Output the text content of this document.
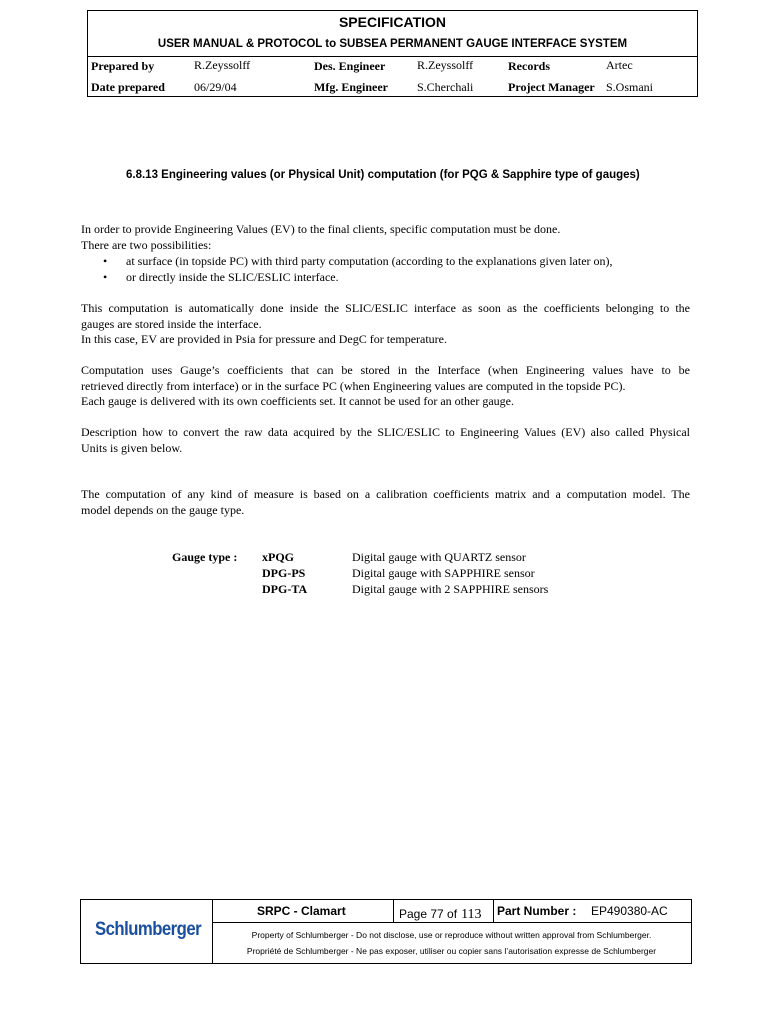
SPECIFICATION
USER MANUAL & PROTOCOL to SUBSEA PERMANENT GAUGE INTERFACE SYSTEM
Prepared by	R.Zeyssolff	Des. Engineer	R.Zeyssolff	Records	Artec
Date prepared 06/29/04	Mfg. Engineer S.Cherchali	Project Manager S.Osmani
6.8.13 Engineering values (or Physical Unit) computation (for PQG & Sapphire type of gauges)
In order to provide Engineering Values (EV) to the final clients, specific computation must be done.
There are two possibilities:
• at surface (in topside PC) with third party computation (according to the explanations given later on),
• or directly inside the SLIC/ESLIC interface.
This computation is automatically done inside the SLIC/ESLIC interface as soon as the coefficients belonging to the
gauges are stored inside the interface.
In this case, EV are provided in Psia for pressure and DegC for temperature.
Computation uses Gauge’s coefficients that can be stored in the Interface (when Engineering values have to be
retrieved directly from interface) or in the surface PC (when Engineering values are computed in the topside PC).
Each gauge is delivered with its own coefficients set. It cannot be used for an other gauge.
Description how to convert the raw data acquired by the SLIC/ESLIC to Engineering Values (EV) also called Physical
Units is given below.
The computation of any kind of measure is based on a calibration coefficients matrix and a computation model. The
model depends on the gauge type.
Gauge type : xPQG	Digital gauge with QUARTZ sensor
DPG-PS	Digital gauge with SAPPHIRE sensor
DPG-TA	Digital gauge with 2 SAPPHIRE sensors
Schlumberger
SRPC - Clamart	Page 77 of 113 Part Number : EP490380-AC
Property of Schlumberger - Do not disclose, use or reproduce without written approval from Schlumberger.
Propriété de Schlumberger - Ne pas exposer, utiliser ou copier sans l’autorisation expresse de Schlumberger
